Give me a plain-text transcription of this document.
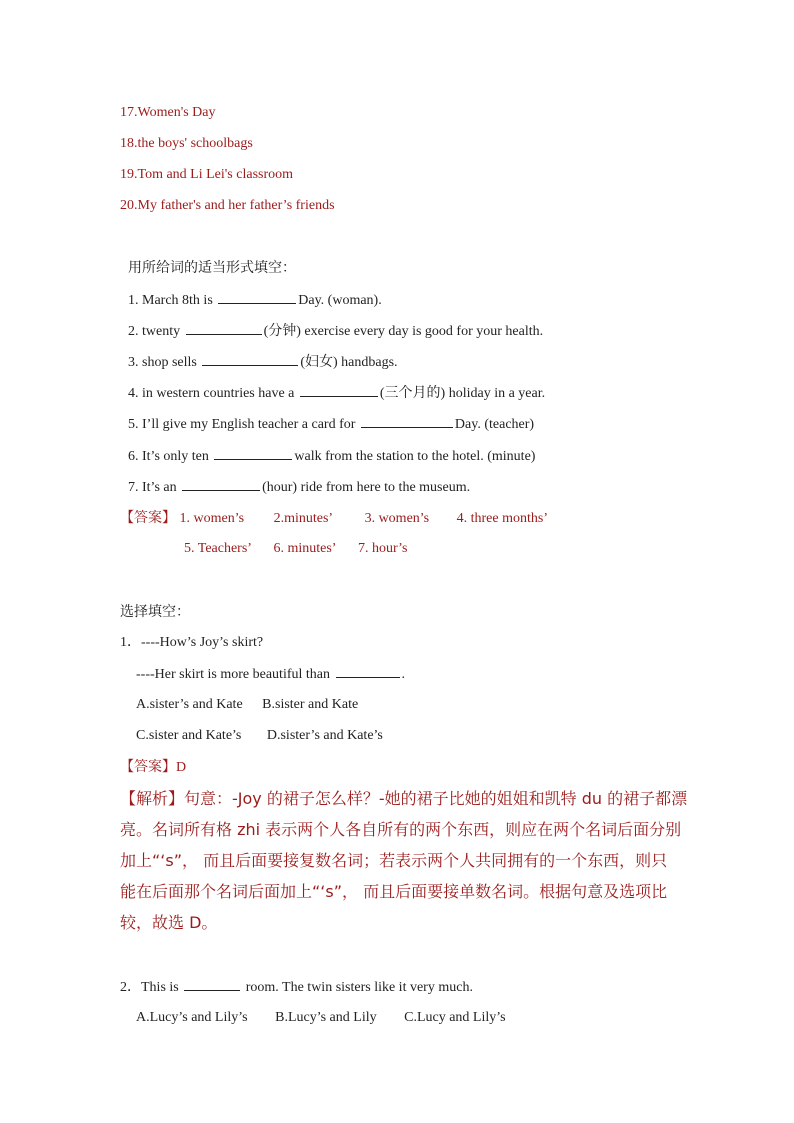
17.Women's Day
18.the boys' schoolbags
19.Tom and Li Lei's classroom
20.My father's and her father’s friends
用所给词的适当形式填空：
1. March 8th is	Day. (woman).
2. twenty	(分钟) exercise every day is good for your health.
3. shop sells	(妇女) handbags.
4. in western countries have a	(三个月的) holiday in a year.
5. I’ll give my English teacher a card for	Day. (teacher)
6. It’s only ten	walk from the station to the hotel. (minute)
7. It’s an	(hour) ride from here to the museum.
【答案】 1. women’s 2.minutes’ 3. women’s 4. three months’
5. Teachers’ 6. minutes’ 7. hour’s
选择填空：
1．----How’s Joy’s skirt?
----Her skirt is more beautiful than	.
A.sister’s and Kate B.sister and Kate
C.sister and Kate’s D.sister’s and Kate’s
【答案】D
【解析】句意：-Joy 的裙子怎么样？-她的裙子比她的姐姐和凯特 du 的裙子都漂
亮。名词所有格 zhi 表示两个人各自所有的两个东西，则应在两个名词后面分别
加上“‘s”， 而且后面要接复数名词；若表示两个人共同拥有的一个东西，则只
能在后面那个名词后面加上“‘s”， 而且后面要接单数名词。根据句意及选项比
较，故选 D。
2．This is	room. The twin sisters like it very much.
A.Lucy’s and Lily’s B.Lucy’s and Lily C.Lucy and Lily’s
